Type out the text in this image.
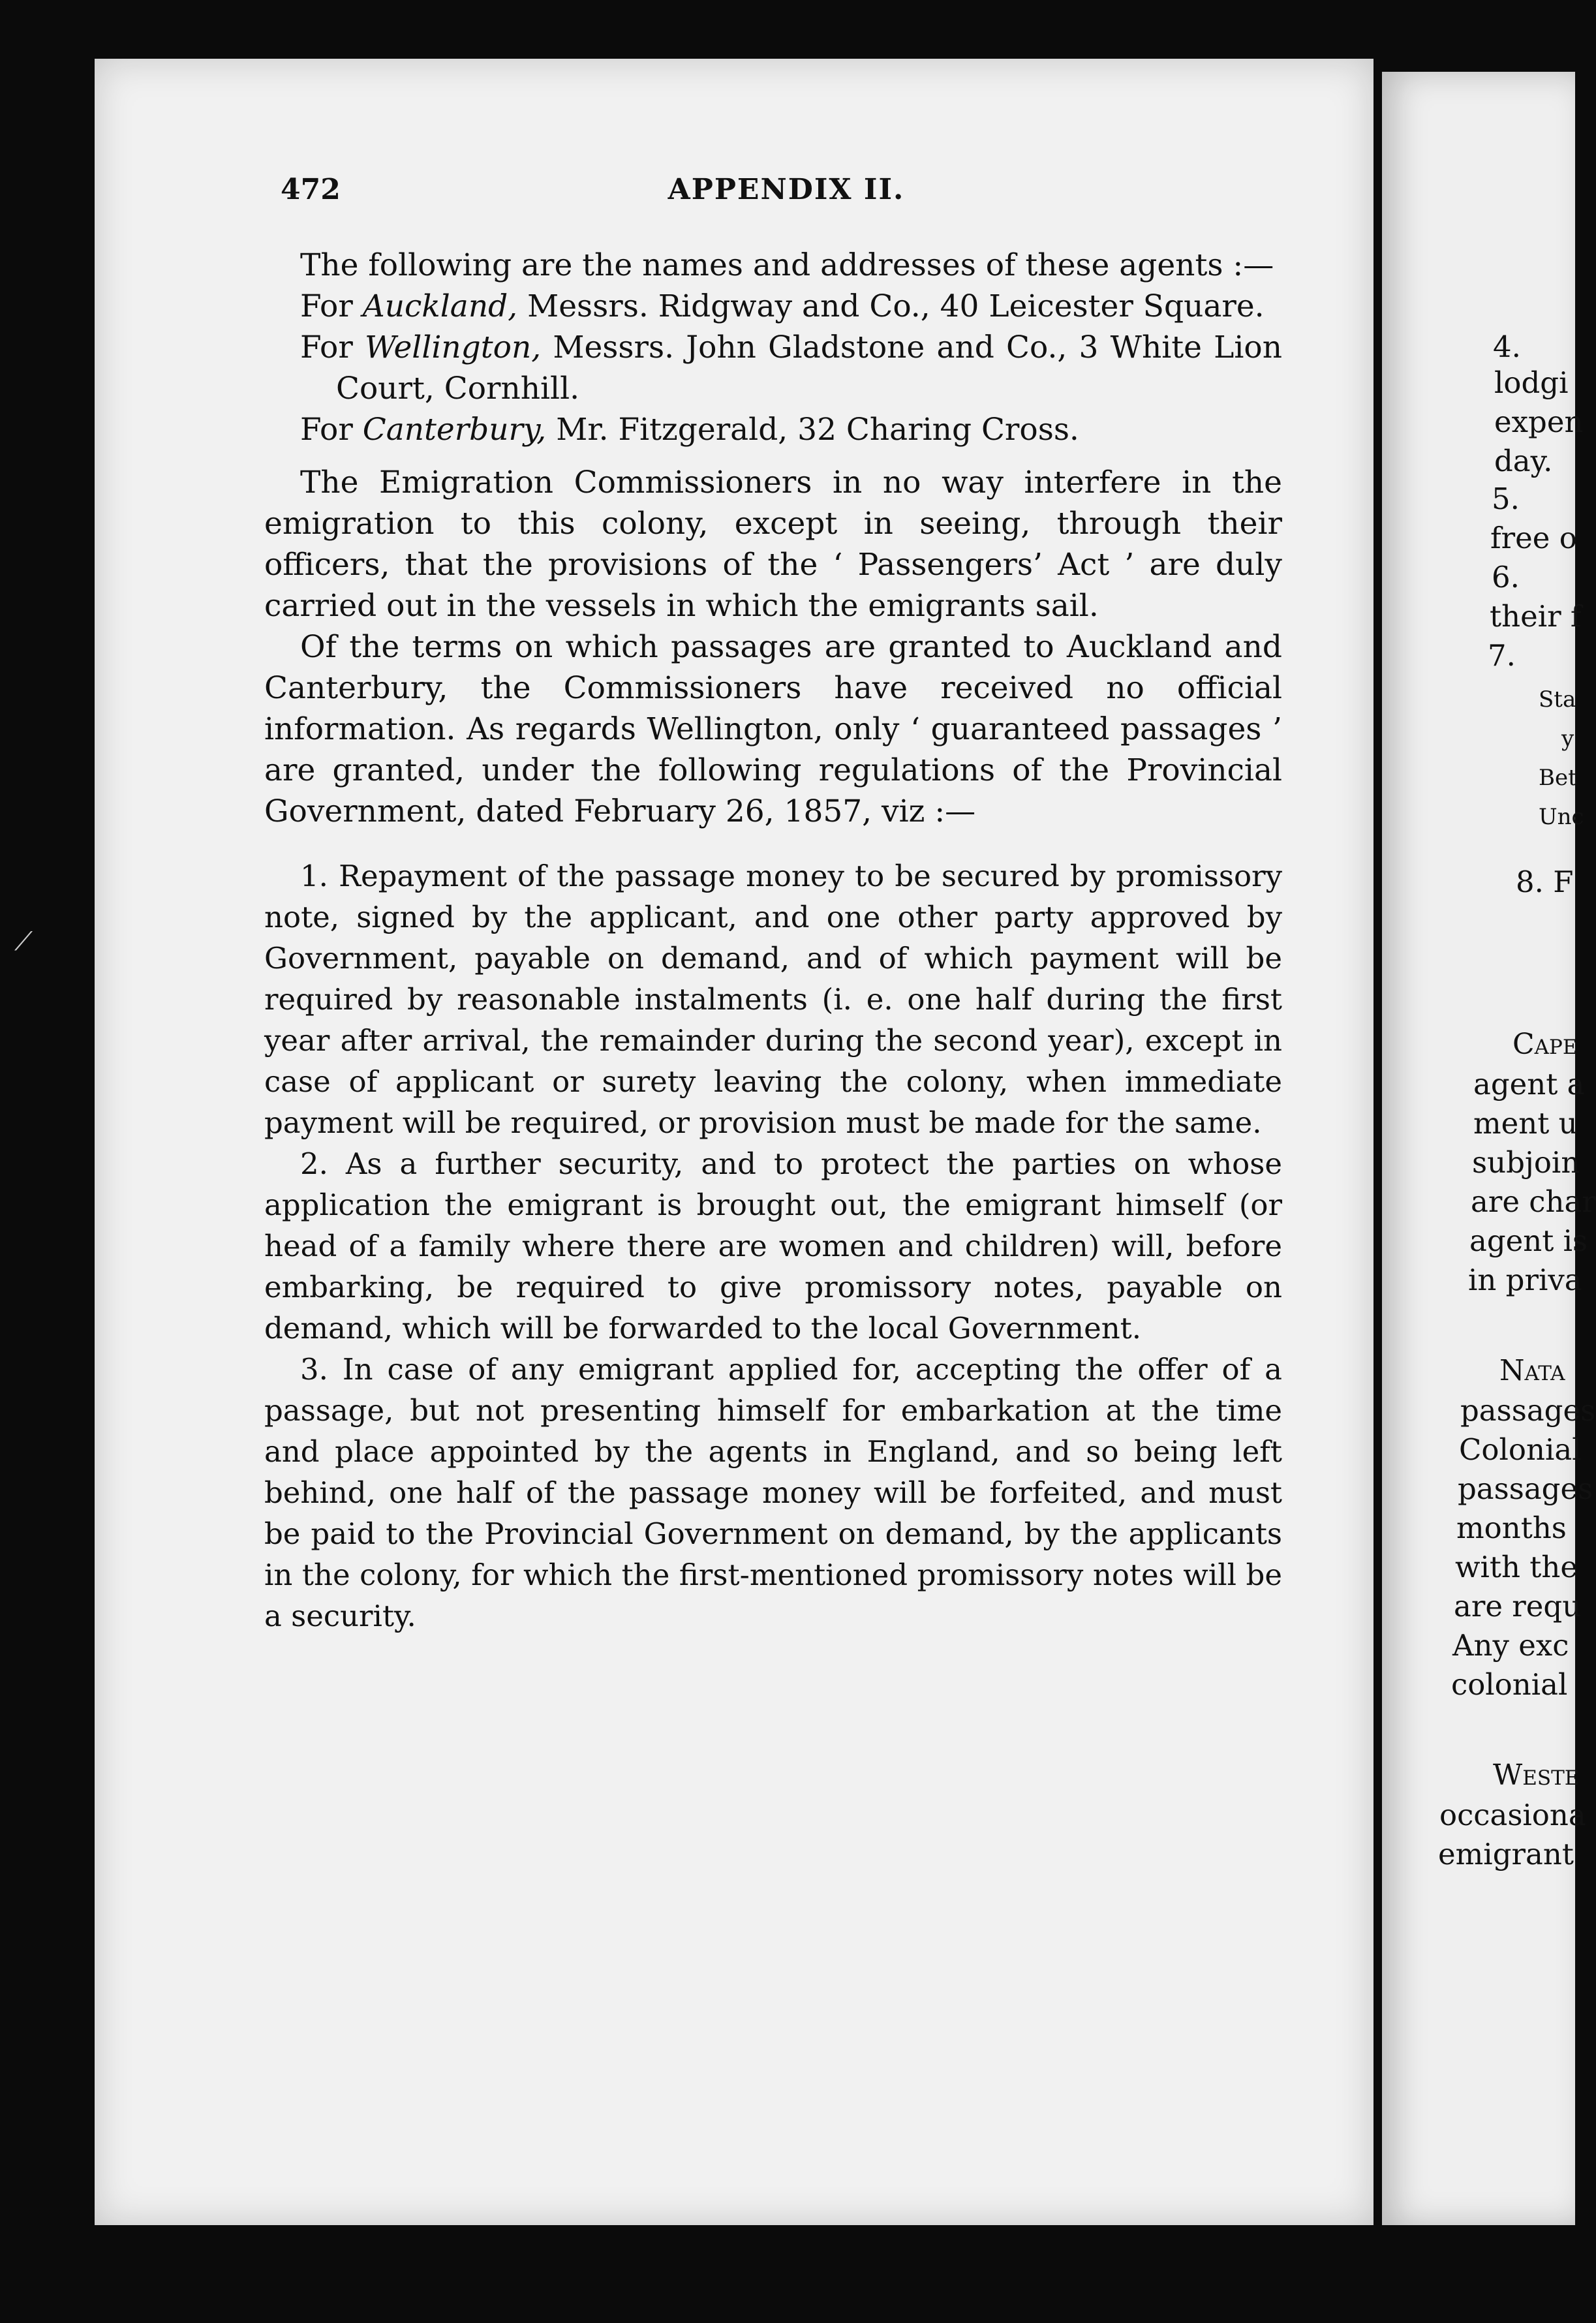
472	APPENDIX II.

The following are the names and addresses of these agents :—

For Auckland, Messrs. Ridgway and Co., 40 Leicester Square.

For Wellington, Messrs. John Gladstone and Co., 3 White Lion Court, Cornhill.

For Canterbury, Mr. Fitzgerald, 32 Charing Cross.

The Emigration Commissioners in no way interfere in the emigration to this colony, except in seeing, through their officers, that the provisions of the ‘ Passengers’ Act ’ are duly carried out in the vessels in which the emigrants sail.

Of the terms on which passages are granted to Auckland and Canterbury, the Commissioners have received no official information. As regards Wellington, only ‘ guaranteed passages ’ are granted, under the following regulations of the Provincial Government, dated February 26, 1857, viz :—

1. Repayment of the passage money to be secured by promissory note, signed by the applicant, and one other party approved by Government, payable on demand, and of which payment will be required by reasonable instalments (i. e. one half during the first year after arrival, the remainder during the second year), except in case of applicant or surety leaving the colony, when immediate payment will be required, or provision must be made for the same.

2. As a further security, and to protect the parties on whose application the emigrant is brought out, the emigrant himself (or head of a family where there are women and children) will, before embarking, be required to give promissory notes, payable on demand, which will be forwarded to the local Government.

3. In case of any emigrant applied for, accepting the offer of a passage, but not presenting himself for embarkation at the time and place appointed by the agents in England, and so being left behind, one half of the passage money will be forfeited, and must be paid to the Provincial Government on demand, by the applicants in the colony, for which the first-mentioned promissory notes will be a security.

4.
lodgi
expen
day.
5.
free o
6.
their f
7.
Sta
y
Bet
Unc
8. F
Cape
agent a
ment u
subjoin
are char
agent is
in priva
Nata
passages
Colonial
passages
months
with the
are requ
Any exc
colonial
Weste
occasiona
emigrant
⟋
